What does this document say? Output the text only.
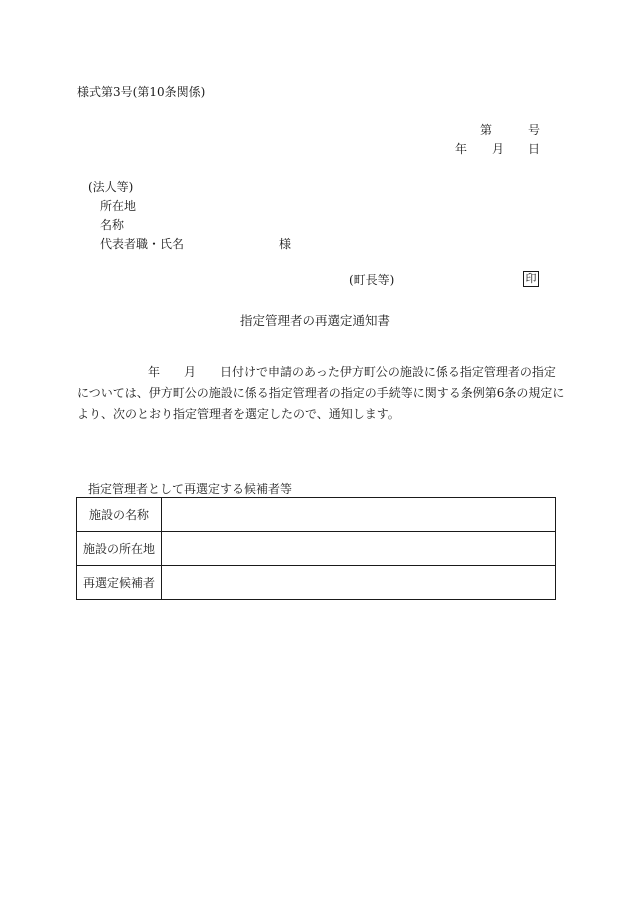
様式第3号(第10条関係)
第	号
年 月 日
(法人等)
所在地
名称
代表者職・氏名	様
(町長等)	印
指定管理者の再選定通知書
年 月 日付けで申請のあった伊方町公の施設に係る指定管理者の指定
については、伊方町公の施設に係る指定管理者の指定の手続等に関する条例第6条の規定に
より、次のとおり指定管理者を選定したので、通知します。
指定管理者として再選定する候補者等
施設の名称	
施設の所在地	
再選定候補者	
